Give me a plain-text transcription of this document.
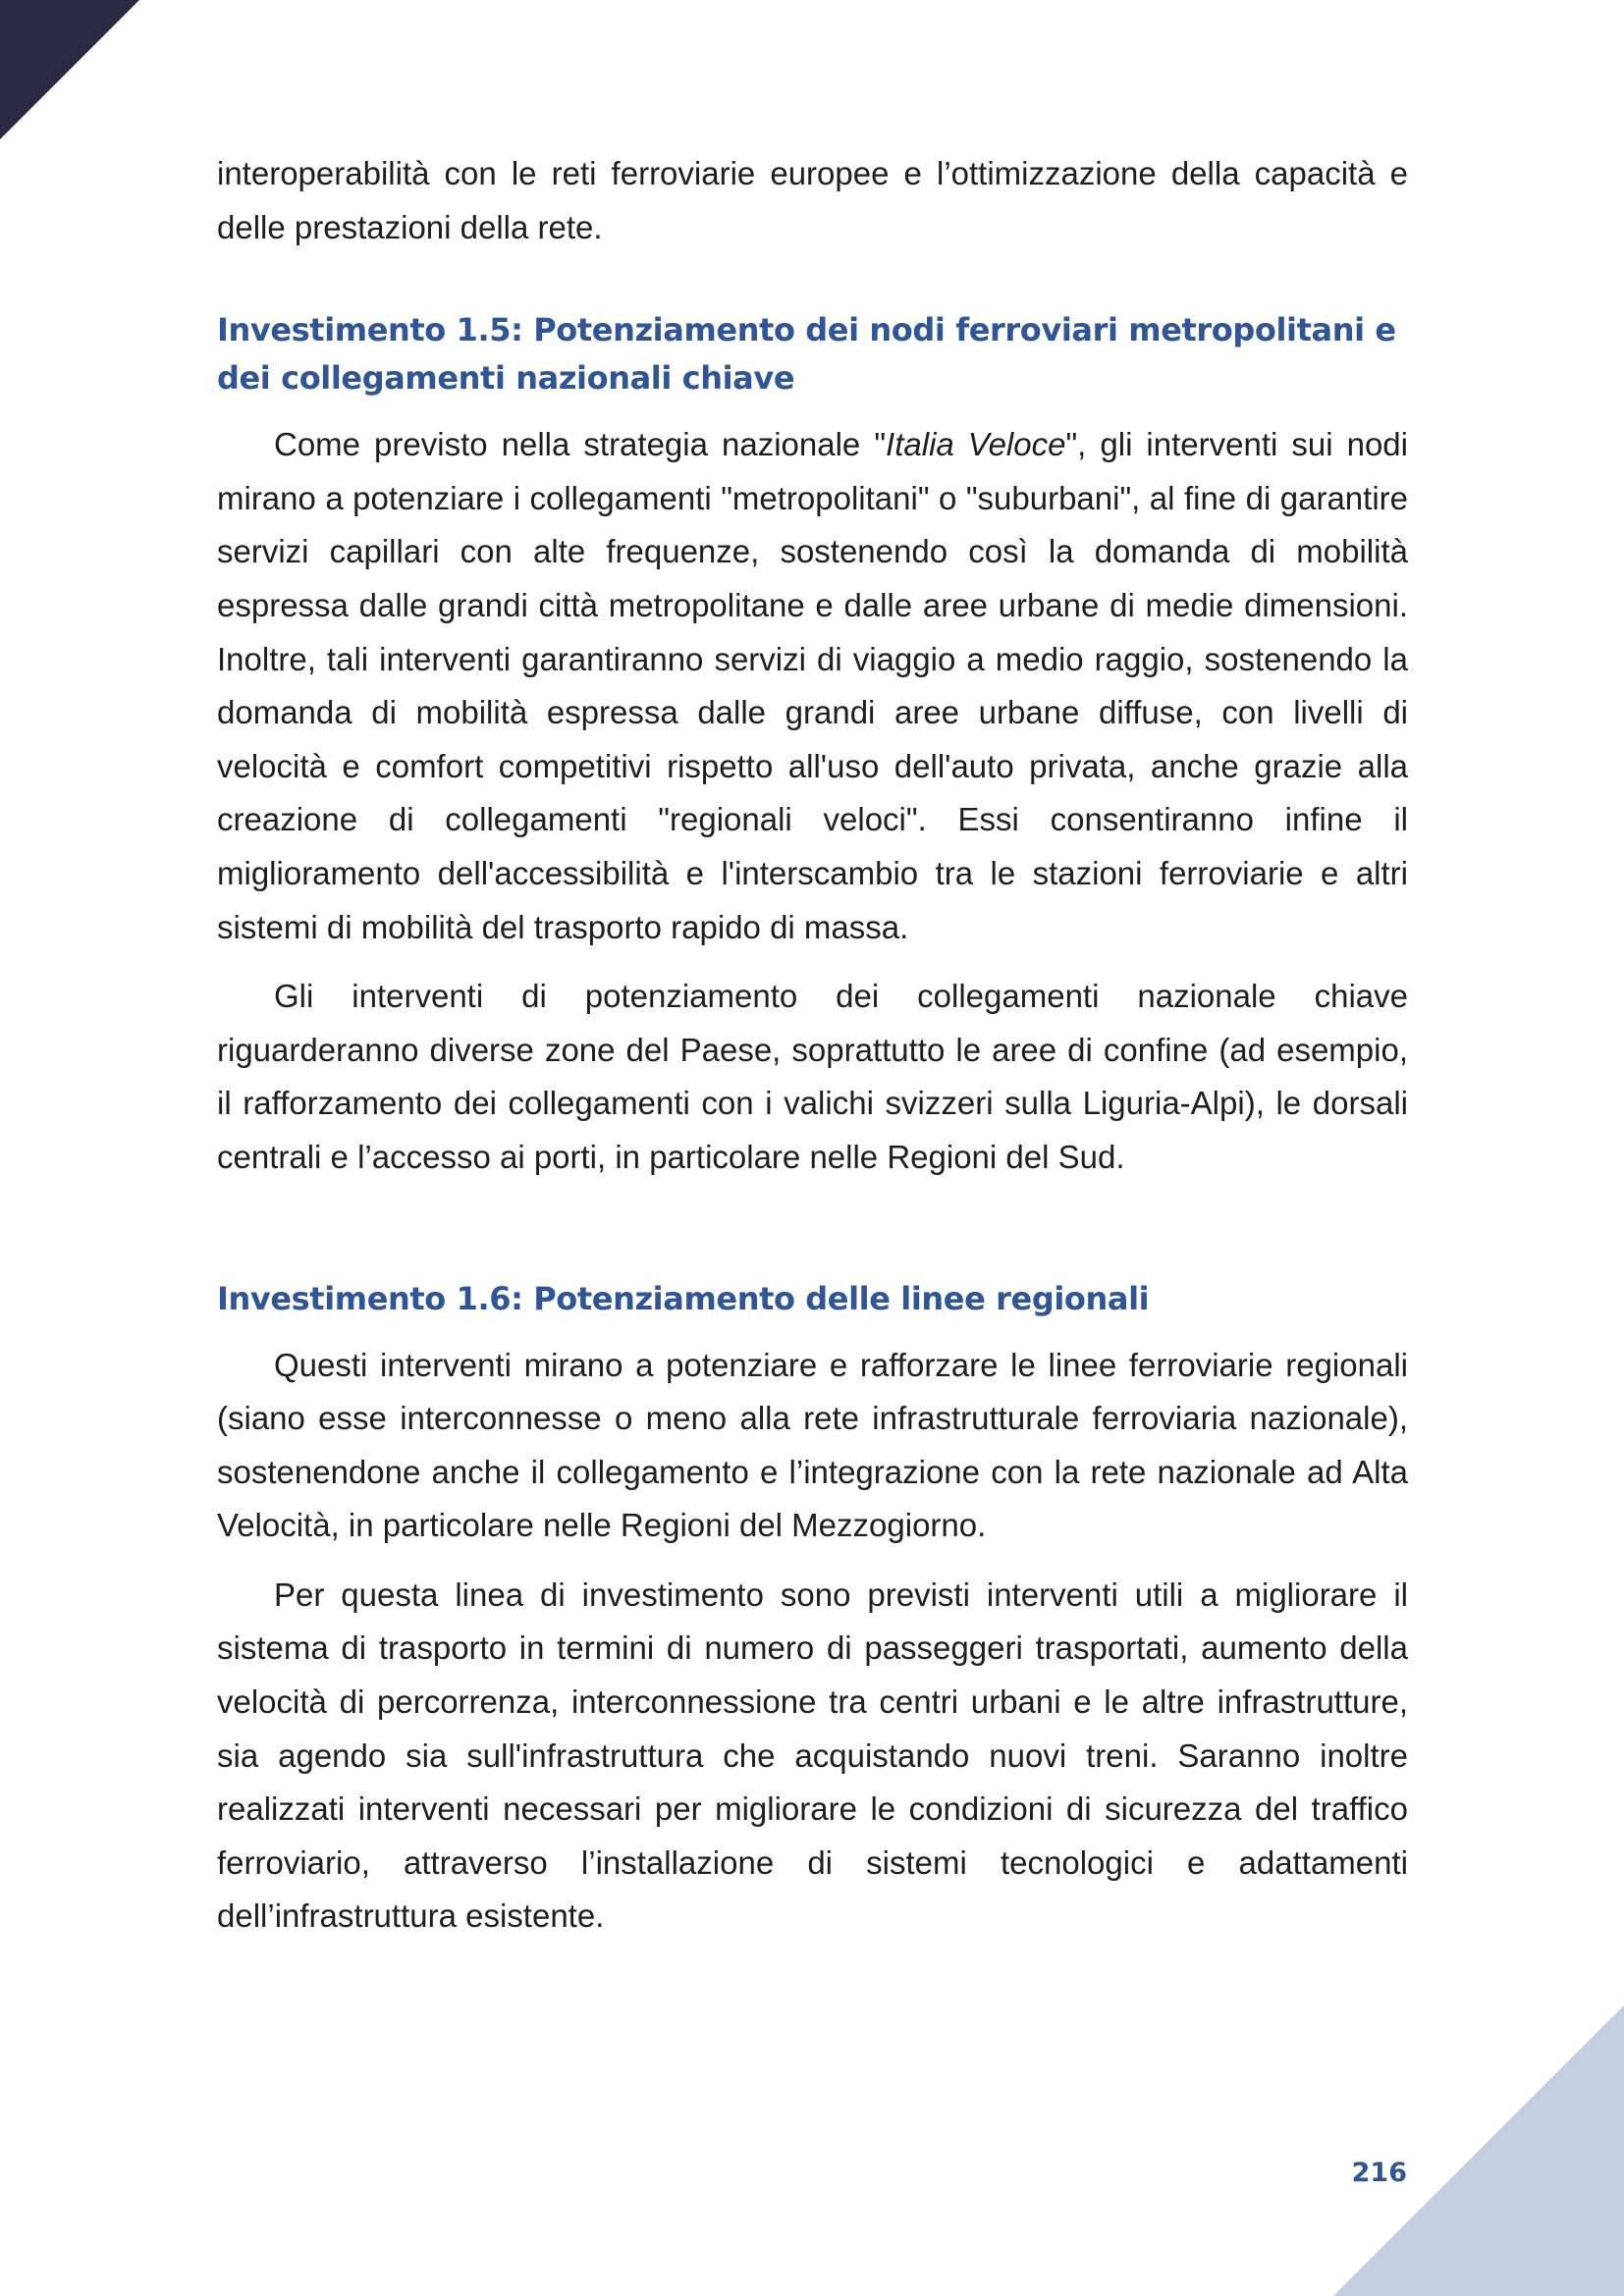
interoperabilità con le reti ferroviarie europee e l’ottimizzazione della capacità e delle prestazioni della rete.

Investimento 1.5: Potenziamento dei nodi ferroviari metropolitani e dei collegamenti nazionali chiave

Come previsto nella strategia nazionale "Italia Veloce", gli interventi sui nodi mirano a potenziare i collegamenti "metropolitani" o "suburbani", al fine di garantire servizi capillari con alte frequenze, sostenendo così la domanda di mobilità espressa dalle grandi città metropolitane e dalle aree urbane di medie dimensioni. Inoltre, tali interventi garantiranno servizi di viaggio a medio raggio, sostenendo la domanda di mobilità espressa dalle grandi aree urbane diffuse, con livelli di velocità e comfort competitivi rispetto all'uso dell'auto privata, anche grazie alla creazione di collegamenti "regionali veloci". Essi consentiranno infine il miglioramento dell'accessibilità e l'interscambio tra le stazioni ferroviarie e altri sistemi di mobilità del trasporto rapido di massa.

Gli interventi di potenziamento dei collegamenti nazionale chiave riguarderanno diverse zone del Paese, soprattutto le aree di confine (ad esempio, il rafforzamento dei collegamenti con i valichi svizzeri sulla Liguria-Alpi), le dorsali centrali e l’accesso ai porti, in particolare nelle Regioni del Sud.

Investimento 1.6: Potenziamento delle linee regionali

Questi interventi mirano a potenziare e rafforzare le linee ferroviarie regionali (siano esse interconnesse o meno alla rete infrastrutturale ferroviaria nazionale), sostenendone anche il collegamento e l’integrazione con la rete nazionale ad Alta Velocità, in particolare nelle Regioni del Mezzogiorno.

Per questa linea di investimento sono previsti interventi utili a migliorare il sistema di trasporto in termini di numero di passeggeri trasportati, aumento della velocità di percorrenza, interconnessione tra centri urbani e le altre infrastrutture, sia agendo sia sull'infrastruttura che acquistando nuovi treni. Saranno inoltre realizzati interventi necessari per migliorare le condizioni di sicurezza del traffico ferroviario, attraverso l’installazione di sistemi tecnologici e adattamenti dell’infrastruttura esistente.

216
